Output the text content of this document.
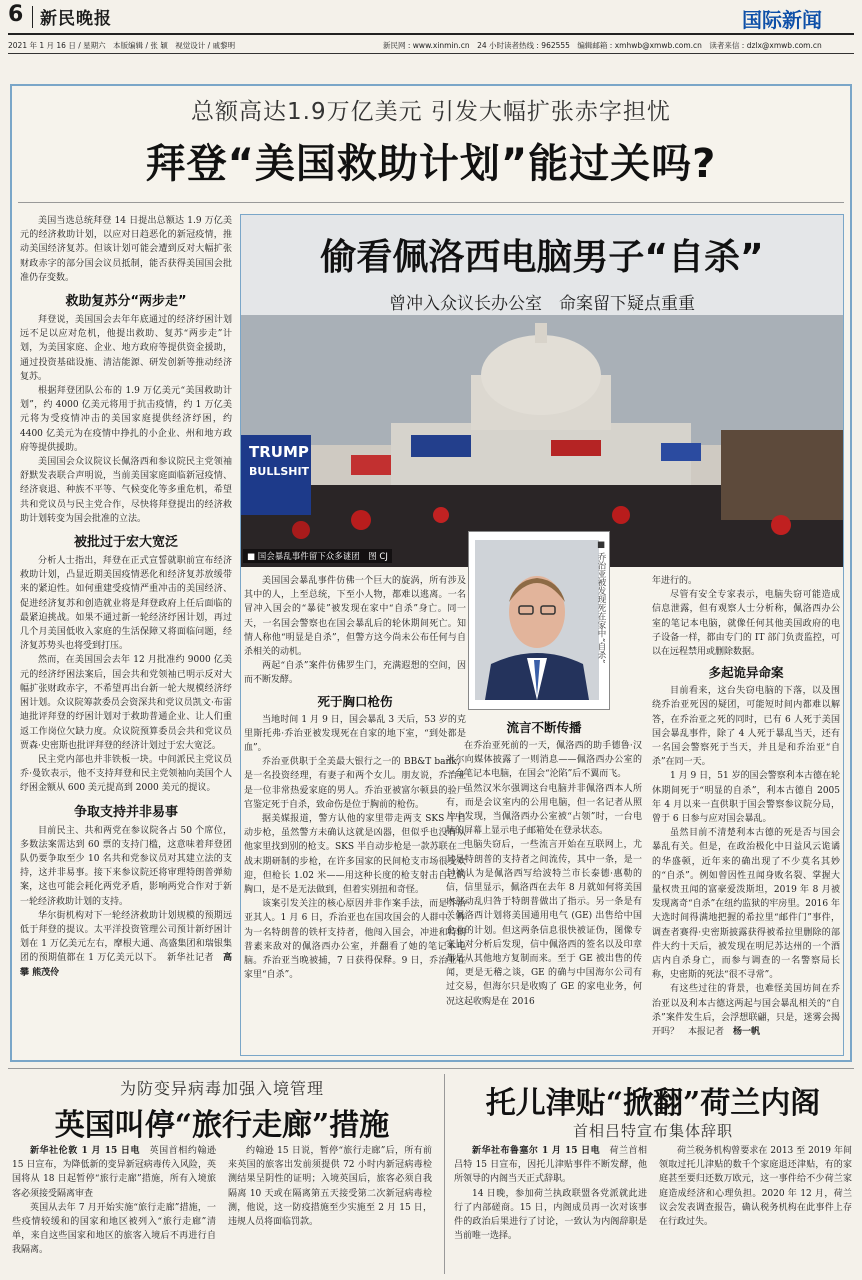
6 新民晚报	国际新闻
2021 年 1 月 16 日 / 星期六　本版编辑 / 张 颖　视觉设计 / 戚黎明	新民网 : www.xinmin.cn　24 小时读者热线 : 962555　编辑邮箱 : xmhwb@xmwb.com.cn　读者来信 : dzlx@xmwb.com.cn
总额高达1.9万亿美元 引发大幅扩张赤字担忧
拜登“美国救助计划”能过关吗?

美国当选总统拜登 14 日提出总额达 1.9 万亿美元的经济救助计划，以应对日趋恶化的新冠疫情，推动美国经济复苏。但该计划可能会遭到反对大幅扩张财政赤字的部分国会议员抵制，能否获得美国国会批准仍存变数。

救助复苏分“两步走”

拜登说，美国国会去年年底通过的经济纾困计划远不足以应对危机，他提出救助、复苏“两步走”计划，为美国家庭、企业、地方政府等提供资金援助，通过投资基础设施、清洁能源、研发创新等推动经济复苏。

根据拜登团队公布的 1.9 万亿美元“美国救助计划”，约 4000 亿美元将用于抗击疫情，约 1 万亿美元将为受疫情冲击的美国家庭提供经济纾困，约 4400 亿美元为在疫情中挣扎的小企业、州和地方政府等提供援助。

美国国会众议院议长佩洛西和参议院民主党领袖舒默发表联合声明说，当前美国家庭面临新冠疫情、经济衰退、种族不平等、气候变化等多重危机，希望共和党议员与民主党合作，尽快将拜登提出的经济救助计划转变为国会批准的立法。

被批过于宏大宽泛

分析人士指出，拜登在正式宣誓就职前宣布经济救助计划，凸显近期美国疫情恶化和经济复苏放缓带来的紧迫性。如何重建受疫情严重冲击的美国经济、促进经济复苏和创造就业将是拜登政府上任后面临的最紧迫挑战。如果不通过新一轮经济纾困计划，再过几个月美国低收入家庭的生活保障又将面临问题，经济复苏势头也将受到打压。

然而，在美国国会去年 12 月批准约 9000 亿美元的经济纾困法案后，国会共和党领袖已明示反对大幅扩张财政赤字，不希望再出台新一轮大规模经济纾困计划。众议院筹款委员会资深共和党议员凯文·布雷迪批评拜登的纾困计划对于救助普通企业、让人们重返工作岗位欠缺力度。众议院预算委员会共和党议员贾森·史密斯也批评拜登的经济计划过于宏大宽泛。

民主党内部也并非铁板一块。中间派民主党议员乔·曼钦表示，他不支持拜登和民主党领袖向美国个人纾困金额从 600 美元提高到 2000 美元的提议。

争取支持并非易事

目前民主、共和两党在参议院各占 50 个席位，多数法案需达到 60 票的支持门槛，这意味着拜登团队仍要争取至少 10 名共和党参议员对其建立法的支持，这并非易事。接下来参议院还将审理特朗普弹劾案，这也可能会耗化两党矛盾，影响两党合作对于新一轮经济救助计划的支持。

华尔街机构对下一轮经济救助计划规模的预期远低于拜登的提议。太平洋投资管理公司预计新纾困计划在 1 万亿美元左右，摩根大通、高盛集团和瑞银集团的预期值都在 1 万亿美元以下。　新华社记者　高攀 熊茂伶

偷看佩洛西电脑男子“自杀”
曾冲入众议长办公室　命案留下疑点重重
TRUMP
BULLSHIT
■ 国会暴乱事件留下众多谜团　图 CJ	■ 乔治亚被发现死在家中“自杀”

美国国会暴乱事件仿佛一个巨大的旋涡，所有涉及其中的人，上至总统，下至小人物，都难以逃离。一名冒冲入国会的“暴徒”被发现在家中“自杀”身亡。同一天，一名国会警察也在国会暴乱后的轮休期间死亡。知情人称他“明显是自杀”，但警方这今尚未公布任何与自杀相关的动机。

两起“自杀”案件仿佛罗生门，充满遐想的空间，因而不断发酵。

死于胸口枪伤

当地时间 1 月 9 日，国会暴乱 3 天后，53 岁的克里斯托弗·乔治亚被发现死在自家的地下室，“到处都是血”。

乔治亚供职于全美最大银行之一的 BB&T bank，是一名投资经理，有妻子和两个女儿。朋友说，乔治亚是一位非常热爱家庭的男人。乔治亚被富尔顿县的验尸官鉴定死于自杀，致命伤是位于胸前的枪伤。

据美媒报道，警方认他的家里带走两支 SKS 半自动步枪，虽然警方未确认这就是凶器，但似乎也没有从他家里找到别的枪支。SKS 半自动步枪是一款苏联在二战末期研制的步枪，在许多国家的民间枪支市场很受欢迎，但枪长 1.02 米——用这种长度的枪支射击自己的胸口，是不是无法做到，但着实别扭和奇怪。

该案引发关注的核心原因并非作案手法，而是乔治亚其人。1 月 6 日，乔治亚也在国攻国会的人群中。作为一名特朗普的铁杆支持者，他闯入国会，冲进和特朗普素来敌对的佩洛西办公室，并翻看了她的笔记本电脑。乔治亚当晚被捕，7 日获得保释。9 日，乔治亚在家里“自杀”。

流言不断传播

在乔治亚死前的一天，佩洛西的助手德鲁·汉米尔向媒体披露了一则消息——佩洛西办公室的一台笔记本电脑，在国会“沦陷”后不翼而飞。

虽然汉米尔强调这台电脑并非佩洛西本人所有，而是会议室内的公用电脑，但一名记者从照片中发现，当佩洛西办公室被“占领”时，一台电脑的屏幕上显示电子邮箱处在登录状态。

电脑失窃后，一些流言开始在互联网上，尤其是特朗普的支持者之间流传，其中一条，是一封被认为是佩洛西写给波特兰市长泰德·惠勒的信，信里显示，佩洛西在去年 8 月就如何将美国内部动乱归咎于特朗普做出了指示。另一条是有关佩洛西计划将美国通用电气 (GE) 出售给中国企业的计划。但这两条信息很快被证伪，图像专家比对分析后发现，信中佩洛西的签名以及印章都是从其他地方复制而来。至于 GE 被出售的传闻，更是无稽之谈，GE 的确与中国海尔公司有过交易，但海尔只是收购了 GE 的家电业务，何况这起收购是在 2016

年进行的。

尽管有安全专家表示，电脑失窃可能造成信息泄露，但有观察人士分析称，佩洛西办公室的笔记本电脑，就像任何其他美国政府的电子设备一样，都由专门的 IT 部门负责监控，可以在远程禁用或删除数据。

多起诡异命案

目前看来，这台失窃电脑的下落，以及围绕乔治亚死因的疑团，可能短时间内都难以解答，在乔治亚之死的同时，已有 6 人死于美国国会暴乱事件，除了 4 人死于暴乱当天，还有一名国会警察死于当天，并且是和乔治亚“自杀”在同一天。

1 月 9 日，51 岁的国会警察利本古德在轮休期间死于“明显的自杀”，利本古德自 2005 年 4 月以来一直供职于国会警察参议院分局，曾于 6 日参与应对国会暴乱。

虽然目前不清楚利本古德的死是否与国会暴乱有关。但是，在政治极化中日益风云诡谲的华盛顿，近年来的确出现了不少莫名其妙的“自杀”。例如曾因性丑闻身败名裂、掌握大量权贵丑闻的富豪爱泼斯坦，2019 年 8 月被发现离奇“自杀”在纽约监狱的牢房里。2016 年大选时间得满地把握的希拉里“邮件门”事件，调查者赛得·史密斯披露获得被希拉里删除的部件大约十天后，被发现在明尼苏达州的一个酒店内自杀身亡，而参与调查的一名警察局长称，史密斯的死法“很不寻常”。

有这些过往的背景，也难怪美国坊间在乔治亚以及利本古德这两起与国会暴乱相关的“自杀”案件发生后，会浮想联翩，只是，迷雾会揭开吗？　本报记者　杨一帆

为防变异病毒加强入境管理
英国叫停“旅行走廊”措施

新华社伦敦 1 月 15 日电　英国首相约翰逊 15 日宣布，为降低新的变异新冠病毒传入风险，英国将从 18 日起暂停“旅行走廊”措施，所有入境旅客必须接受隔离审查

英国从去年 7 月开始实施“旅行走廊”措施，一些疫情较缓和的国家和地区被列入“旅行走廊”清单，来自这些国家和地区的旅客入境后不再进行自我隔离。

约翰逊 15 日说，暂停“旅行走廊”后，所有前来英国的旅客出发前须提供 72 小时内新冠病毒检测结果呈阴性的证明；入境英国后，旅客必须自我隔离 10 天或在隔离第五天接受第二次新冠病毒检测，他说，这一防疫措施至少实施至 2 月 15 日，违规人员将面临罚款。

托儿津贴“掀翻”荷兰内阁
首相吕特宣布集体辞职

新华社布鲁塞尔 1 月 15 日电　荷兰首相吕特 15 日宣布，因托儿津贴事件不断发酵，他所领导的内阁当天正式辞职。

14 日晚，参加荷兰执政联盟各党派就此进行了内部磋商。15 日，内阁成员再一次对该事件的政治后果进行了讨论，一致认为内阁辞职是当前唯一选择。

荷兰税务机构曾要求在 2013 至 2019 年间领取过托儿津贴的数千个家庭退还津贴，有的家庭甚至要归还数万欧元，这一事件给不少荷兰家庭造成经济和心理负担。2020 年 12 月，荷兰议会发表调查报告，确认税务机构在此事件上存在行政过失。
